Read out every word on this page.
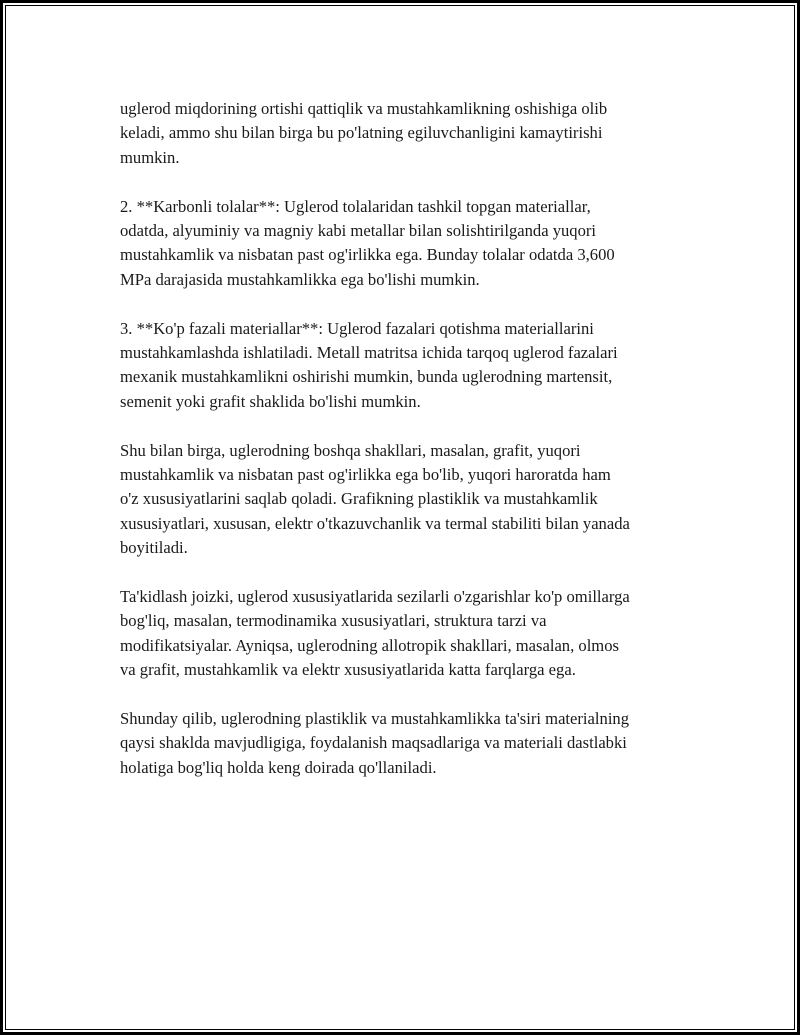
uglerod miqdorining ortishi qattiqlik va mustahkamlikning oshishiga olib
keladi, ammo shu bilan birga bu po'latning egiluvchanligini kamaytirishi
mumkin.

2. **Karbonli tolalar**: Uglerod tolalaridan tashkil topgan materiallar,
odatda, alyuminiy va magniy kabi metallar bilan solishtirilganda yuqori
mustahkamlik va nisbatan past og'irlikka ega. Bunday tolalar odatda 3,600
MPa darajasida mustahkamlikka ega bo'lishi mumkin.

3. **Ko'p fazali materiallar**: Uglerod fazalari qotishma materiallarini
mustahkamlashda ishlatiladi. Metall matritsa ichida tarqoq uglerod fazalari
mexanik mustahkamlikni oshirishi mumkin, bunda uglerodning martensit,
semenit yoki grafit shaklida bo'lishi mumkin.

Shu bilan birga, uglerodning boshqa shakllari, masalan, grafit, yuqori
mustahkamlik va nisbatan past og'irlikka ega bo'lib, yuqori haroratda ham
o'z xususiyatlarini saqlab qoladi. Grafikning plastiklik va mustahkamlik
xususiyatlari, xususan, elektr o'tkazuvchanlik va termal stabiliti bilan yanada
boyitiladi.

Ta'kidlash joizki, uglerod xususiyatlarida sezilarli o'zgarishlar ko'p omillarga
bog'liq, masalan, termodinamika xususiyatlari, struktura tarzi va
modifikatsiyalar. Ayniqsa, uglerodning allotropik shakllari, masalan, olmos
va grafit, mustahkamlik va elektr xususiyatlarida katta farqlarga ega.

Shunday qilib, uglerodning plastiklik va mustahkamlikka ta'siri materialning
qaysi shaklda mavjudligiga, foydalanish maqsadlariga va materiali dastlabki
holatiga bog'liq holda keng doirada qo'llaniladi.
